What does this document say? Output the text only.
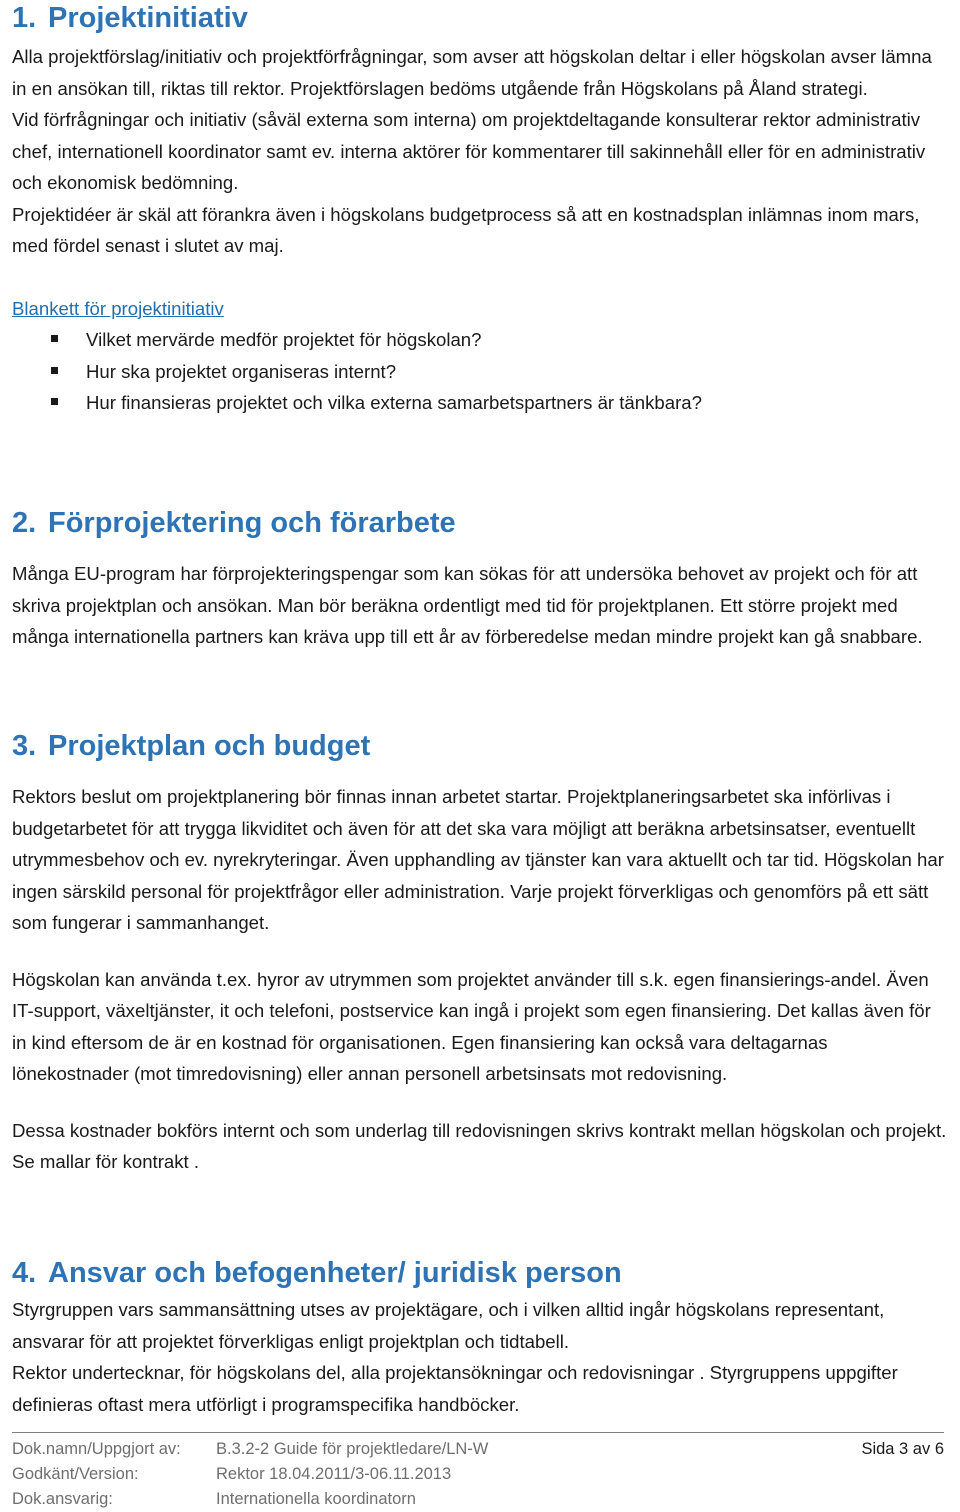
1. Projektinitiativ

Alla projektförslag/initiativ och projektförfrågningar, som avser att högskolan deltar i eller högskolan avser lämna in en ansökan till, riktas till rektor. Projektförslagen bedöms utgående från Högskolans på Åland strategi.

Vid förfrågningar och initiativ (såväl externa som interna) om projektdeltagande konsulterar rektor administrativ chef, internationell koordinator samt ev. interna aktörer för kommentarer till sakinnehåll eller för en administrativ och ekonomisk bedömning.

Projektidéer är skäl att förankra även i högskolans budgetprocess så att en kostnadsplan inlämnas inom mars, med fördel senast i slutet av maj.

Blankett för projektinitiativ
Vilket mervärde medför projektet för högskolan?
Hur ska projektet organiseras internt?
Hur finansieras projektet och vilka externa samarbetspartners är tänkbara?
2. Förprojektering och förarbete

Många EU-program har förprojekteringspengar som kan sökas för att undersöka behovet av projekt och för att skriva projektplan och ansökan. Man bör beräkna ordentligt med tid för projektplanen. Ett större projekt med många internationella partners kan kräva upp till ett år av förberedelse medan mindre projekt kan gå snabbare.

3. Projektplan och budget

Rektors beslut om projektplanering bör finnas innan arbetet startar. Projektplaneringsarbetet ska införlivas i budgetarbetet för att trygga likviditet och även för att det ska vara möjligt att beräkna arbetsinsatser, eventuellt utrymmesbehov och ev. nyrekryteringar. Även upphandling av tjänster kan vara aktuellt och tar tid. Högskolan har ingen särskild personal för projektfrågor eller administration. Varje projekt förverkligas och genomförs på ett sätt som fungerar i sammanhanget.

Högskolan kan använda t.ex. hyror av utrymmen som projektet använder till s.k. egen finansierings-andel. Även IT-support, växeltjänster, it och telefoni, postservice kan ingå i projekt som egen finansiering. Det kallas även för in kind eftersom de är en kostnad för organisationen. Egen finansiering kan också vara deltagarnas lönekostnader (mot timredovisning) eller annan personell arbetsinsats mot redovisning.

Dessa kostnader bokförs internt och som underlag till redovisningen skrivs kontrakt mellan högskolan och projekt. Se mallar för kontrakt .

4. Ansvar och befogenheter/ juridisk person

Styrgruppen vars sammansättning utses av projektägare, och i vilken alltid ingår högskolans representant, ansvarar för att projektet förverkligas enligt projektplan och tidtabell.

Rektor undertecknar, för högskolans del, alla projektansökningar och redovisningar . Styrgruppens uppgifter definieras oftast mera utförligt i programspecifika handböcker.

Dok.namn/Uppgjort av: B.3.2-2 Guide för projektledare/LN-W	Sida 3 av 6
Godkänt/Version:	Rektor 18.04.2011/3-06.11.2013
Dok.ansvarig:	Internationella koordinatorn
